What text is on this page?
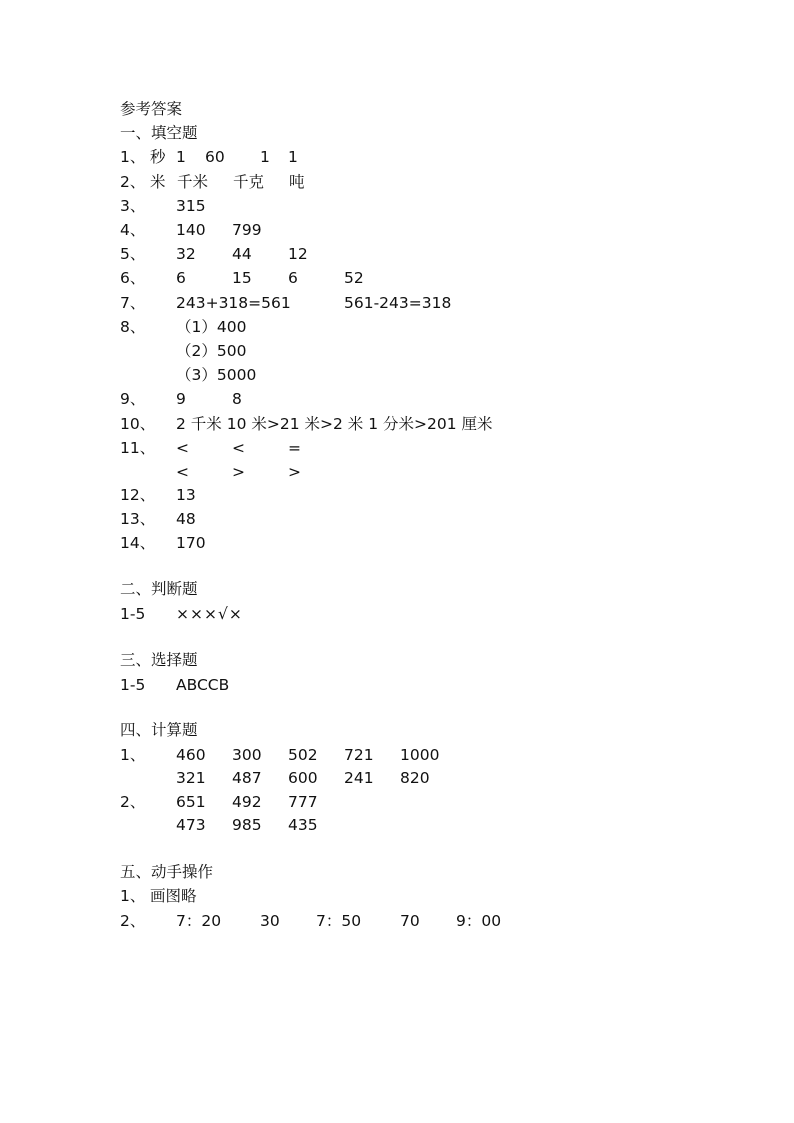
参考答案
一、填空题
1、 秒 1 60 1 1
2、 米 千米 千克 吨
3、 315
4、 140 799
5、 32 44 12
6、 6	15 6	52
7、 243+318=561	561-243=318
8、 （1）400
（2）500
（3）5000
9、 9	8
10、 2 千米 10 米>21 米>2 米 1 分米>201 厘米
11、 <	<	=
<	>	>
12、 13
13、 48
14、 170
二、判断题
1-5 ×××√×
三、选择题
1-5 ABCCB
四、计算题
1、 460 300 502 721 1000
321 487 600 241 820
2、 651 492 777
473 985 435
五、动手操作
1、 画图略
2、 7：20	30 7：50	70 9：00
